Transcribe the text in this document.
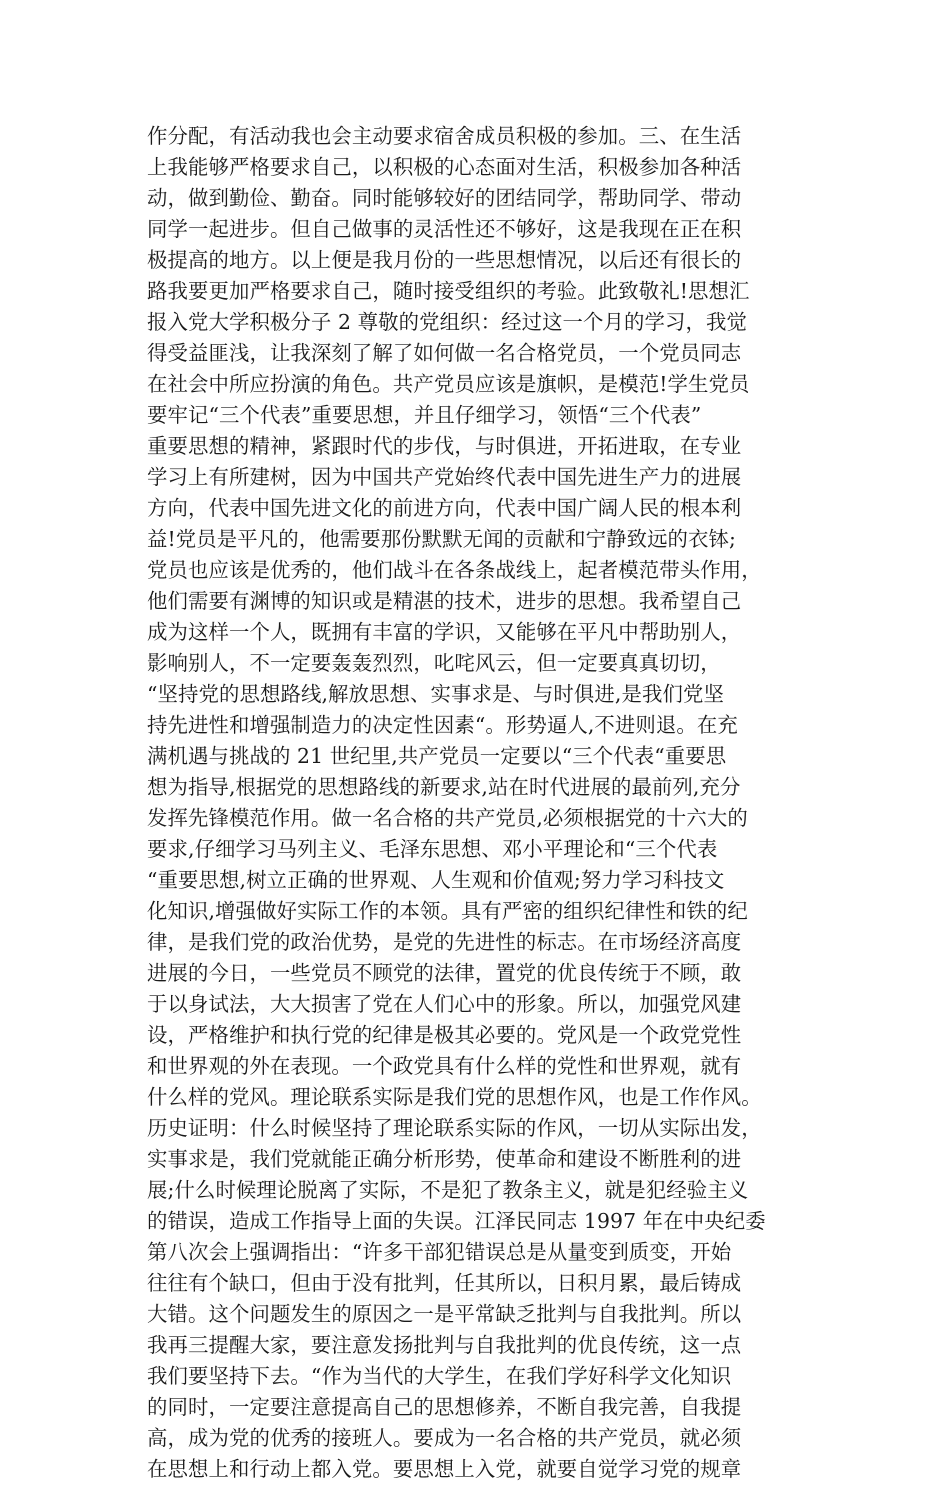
作分配，有活动我也会主动要求宿舍成员积极的参加。三、在生活
上我能够严格要求自己，以积极的心态面对生活，积极参加各种活
动，做到勤俭、勤奋。同时能够较好的团结同学，帮助同学、带动
同学一起进步。但自己做事的灵活性还不够好，这是我现在正在积
极提高的地方。以上便是我月份的一些思想情况，以后还有很长的
路我要更加严格要求自己，随时接受组织的考验。此致敬礼!思想汇
报入党大学积极分子 2 尊敬的党组织：经过这一个月的学习，我觉
得受益匪浅，让我深刻了解了如何做一名合格党员，一个党员同志
在社会中所应扮演的角色。共产党员应该是旗帜，是模范!学生党员
要牢记“三个代表”重要思想，并且仔细学习，领悟“三个代表”
重要思想的精神，紧跟时代的步伐，与时俱进，开拓进取，在专业
学习上有所建树，因为中国共产党始终代表中国先进生产力的进展
方向，代表中国先进文化的前进方向，代表中国广阔人民的根本利
益!党员是平凡的，他需要那份默默无闻的贡献和宁静致远的衣钵;
党员也应该是优秀的，他们战斗在各条战线上，起者模范带头作用，
他们需要有渊博的知识或是精湛的技术，进步的思想。我希望自己
成为这样一个人，既拥有丰富的学识，又能够在平凡中帮助别人，
影响别人，不一定要轰轰烈烈，叱咤风云，但一定要真真切切，
“坚持党的思想路线,解放思想、实事求是、与时俱进,是我们党坚
持先进性和增强制造力的决定性因素“。形势逼人,不进则退。在充
满机遇与挑战的 21 世纪里,共产党员一定要以“三个代表“重要思
想为指导,根据党的思想路线的新要求,站在时代进展的最前列,充分
发挥先锋模范作用。做一名合格的共产党员,必须根据党的十六大的
要求,仔细学习马列主义、毛泽东思想、邓小平理论和“三个代表
“重要思想,树立正确的世界观、人生观和价值观;努力学习科技文
化知识,增强做好实际工作的本领。具有严密的组织纪律性和铁的纪
律，是我们党的政治优势，是党的先进性的标志。在市场经济高度
进展的今日，一些党员不顾党的法律，置党的优良传统于不顾，敢
于以身试法，大大损害了党在人们心中的形象。所以，加强党风建
设，严格维护和执行党的纪律是极其必要的。党风是一个政党党性
和世界观的外在表现。一个政党具有什么样的党性和世界观，就有
什么样的党风。理论联系实际是我们党的思想作风，也是工作作风。
历史证明：什么时候坚持了理论联系实际的作风，一切从实际出发，
实事求是，我们党就能正确分析形势，使革命和建设不断胜利的进
展;什么时候理论脱离了实际，不是犯了教条主义，就是犯经验主义
的错误，造成工作指导上面的失误。江泽民同志 1997 年在中央纪委
第八次会上强调指出：“许多干部犯错误总是从量变到质变，开始
往往有个缺口，但由于没有批判，任其所以，日积月累，最后铸成
大错。这个问题发生的原因之一是平常缺乏批判与自我批判。所以
我再三提醒大家，要注意发扬批判与自我批判的优良传统，这一点
我们要坚持下去。“作为当代的大学生，在我们学好科学文化知识
的同时，一定要注意提高自己的思想修养，不断自我完善，自我提
高，成为党的优秀的接班人。要成为一名合格的共产党员，就必须
在思想上和行动上都入党。要思想上入党，就要自觉学习党的规章
